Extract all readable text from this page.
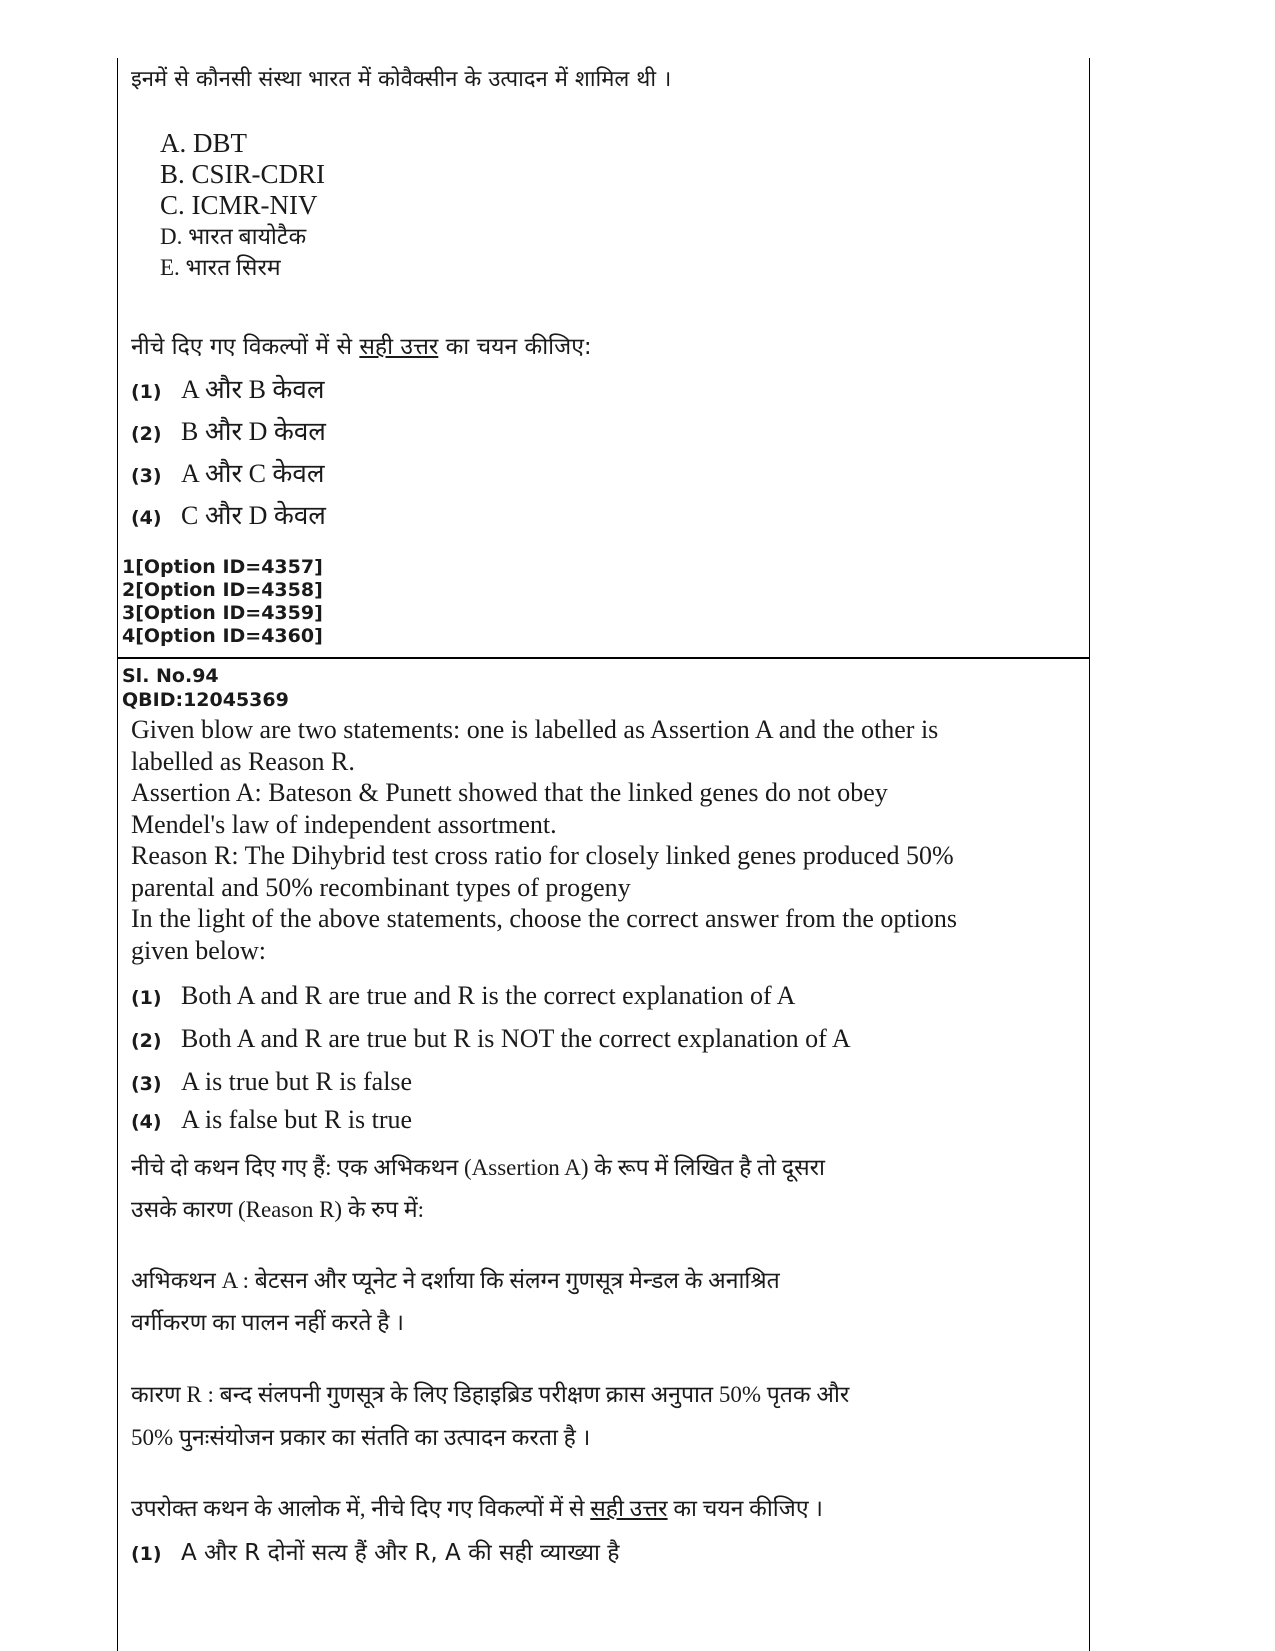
इनमें से कौनसी संस्था भारत में कोवैक्सीन के उत्पादन में शामिल थी ।
A. DBT
B. CSIR-CDRI
C. ICMR-NIV
D. भारत बायोटैक
E. भारत सिरम
नीचे दिए गए विकल्पों में से सही उत्तर का चयन कीजिए:
(1) A और B केवल
(2) B और D केवल
(3) A और C केवल
(4) C और D केवल
1[Option ID=4357]
2[Option ID=4358]
3[Option ID=4359]
4[Option ID=4360]
Sl. No.94
QBID:12045369
Given blow are two statements: one is labelled as Assertion A and the other is
labelled as Reason R.
Assertion A: Bateson & Punett showed that the linked genes do not obey
Mendel's law of independent assortment.
Reason R: The Dihybrid test cross ratio for closely linked genes produced 50%
parental and 50% recombinant types of progeny
In the light of the above statements, choose the correct answer from the options
given below:
(1) Both A and R are true and R is the correct explanation of A
(2) Both A and R are true but R is NOT the correct explanation of A
(3) A is true but R is false
(4) A is false but R is true
नीचे दो कथन दिए गए हैं: एक अभिकथन (Assertion A) के रूप में लिखित है तो दूसरा
उसके कारण (Reason R) के रुप में:
अभिकथन A : बेटसन और प्यूनेट ने दर्शाया कि संलग्न गुणसूत्र मेन्डल के अनाश्रित
वर्गीकरण का पालन नहीं करते है ।
कारण R : बन्द संलपनी गुणसूत्र के लिए डिहाइब्रिड परीक्षण क्रास अनुपात 50% पृतक और
50% पुनःसंयोजन प्रकार का संतति का उत्पादन करता है ।
उपरोक्त कथन के आलोक में, नीचे दिए गए विकल्पों में से सही उत्तर का चयन कीजिए ।
(1) A और R दोनों सत्य हैं और R, A की सही व्याख्या है
